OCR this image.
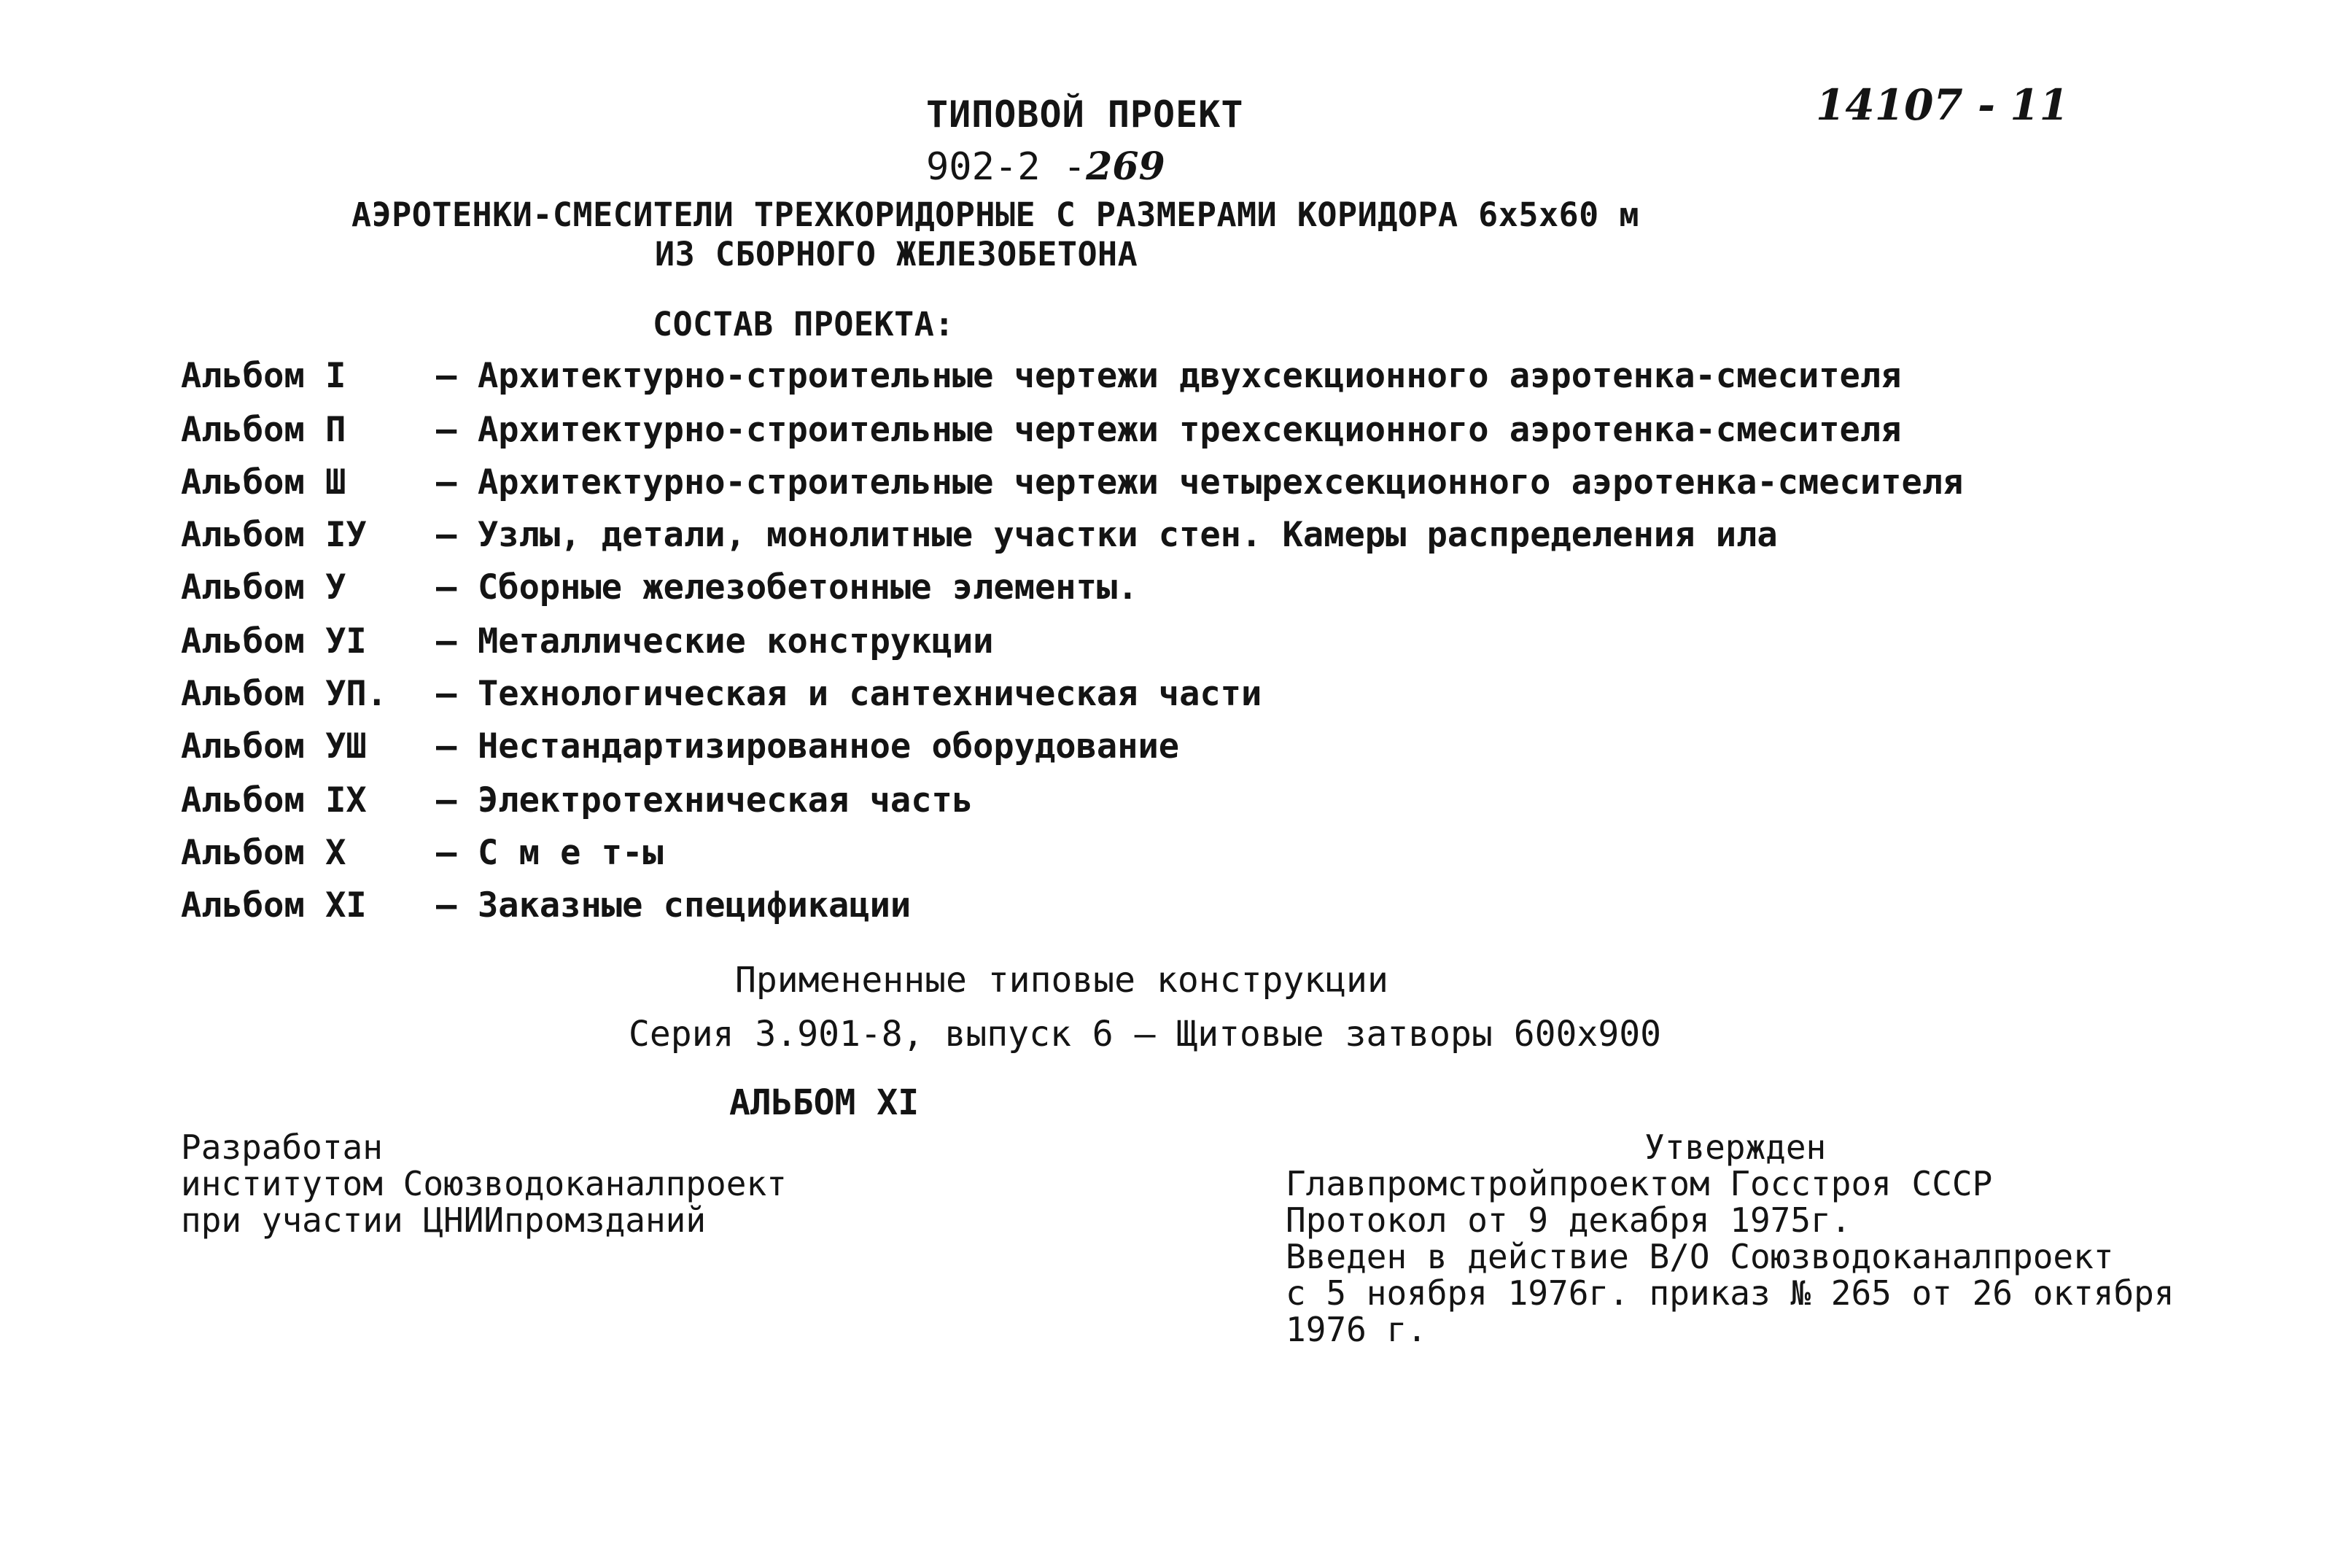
ТИПОВОЙ ПРОЕКТ
902-2 -269
14107 - 11
АЭРОТЕНКИ-СМЕСИТЕЛИ ТРЕХКОРИДОРНЫЕ С РАЗМЕРАМИ КОРИДОРА 6х5х60 м
ИЗ СБОРНОГО ЖЕЛЕЗОБЕТОНА
СОСТАВ ПРОЕКТА:
Альбом I	– Архитектурно-строительные чертежи двухсекционного аэротенка-смесителя
Альбом П	– Архитектурно-строительные чертежи трехсекционного аэротенка-смесителя
Альбом Ш	– Архитектурно-строительные чертежи четырехсекционного аэротенка-смесителя
Альбом IУ – Узлы, детали, монолитные участки стен. Камеры распределения ила
Альбом У	– Сборные железобетонные элементы.
Альбом УI – Металлические конструкции
Альбом УП. – Технологическая и сантехническая части
Альбом УШ – Нестандартизированное оборудование
Альбом IX – Электротехническая часть
Альбом Х	– С м е т-ы
Альбом XI – Заказные спецификации
Примененные типовые конструкции
Серия 3.901-8, выпуск 6 – Щитовые затворы 600х900
АЛЬБОМ XI
Разработан
институтом Союзводоканалпроект
при участии ЦНИИпромзданий
Утвержден
Главпромстройпроектом Госстроя СССР
Протокол от 9 декабря 1975г.
Введен в действие В/О Союзводоканалпроект
с 5 ноября 1976г. приказ № 265 от 26 октября
1976 г.
